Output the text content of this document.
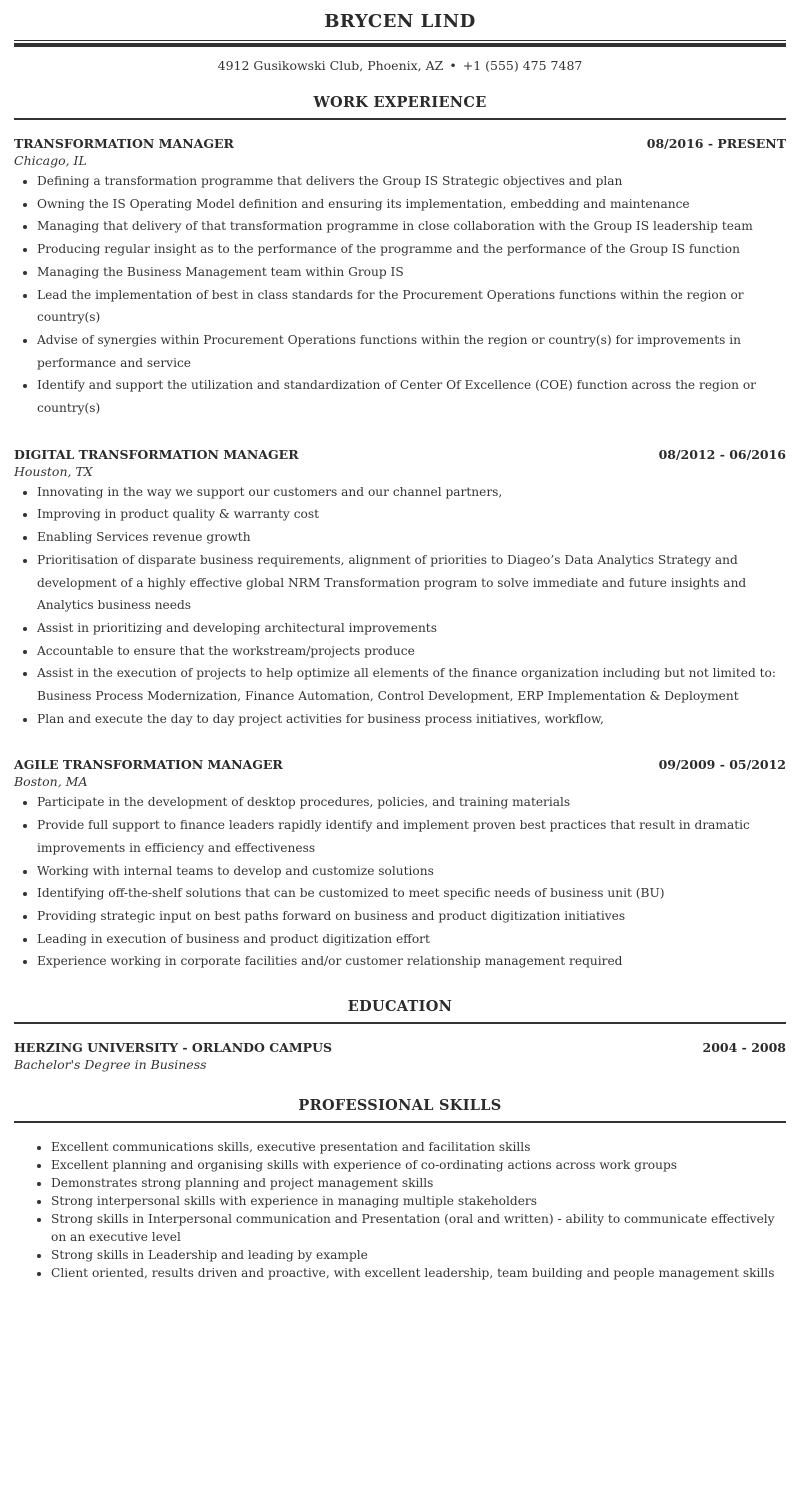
BRYCEN LIND
4912 Gusikowski Club, Phoenix, AZ • +1 (555) 475 7487
WORK EXPERIENCE
TRANSFORMATION MANAGER	08/2016 - PRESENT
Chicago, IL
• Defining a transformation programme that delivers the Group IS Strategic objectives and plan
• Owning the IS Operating Model definition and ensuring its implementation, embedding and maintenance
• Managing that delivery of that transformation programme in close collaboration with the Group IS leadership team
• Producing regular insight as to the performance of the programme and the performance of the Group IS function
• Managing the Business Management team within Group IS
• Lead the implementation of best in class standards for the Procurement Operations functions within the region or country(s)
• Advise of synergies within Procurement Operations functions within the region or country(s) for improvements in performance and service
• Identify and support the utilization and standardization of Center Of Excellence (COE) function across the region or country(s)
DIGITAL TRANSFORMATION MANAGER	08/2012 - 06/2016
Houston, TX
• Innovating in the way we support our customers and our channel partners,
• Improving in product quality & warranty cost
• Enabling Services revenue growth
• Prioritisation of disparate business requirements, alignment of priorities to Diageo’s Data Analytics Strategy and development of a highly effective global NRM Transformation program to solve immediate and future insights and Analytics business needs
• Assist in prioritizing and developing architectural improvements
• Accountable to ensure that the workstream/projects produce
• Assist in the execution of projects to help optimize all elements of the finance organization including but not limited to: Business Process Modernization, Finance Automation, Control Development, ERP Implementation & Deployment
• Plan and execute the day to day project activities for business process initiatives, workflow,
AGILE TRANSFORMATION MANAGER	09/2009 - 05/2012
Boston, MA
• Participate in the development of desktop procedures, policies, and training materials
• Provide full support to finance leaders rapidly identify and implement proven best practices that result in dramatic improvements in efficiency and effectiveness
• Working with internal teams to develop and customize solutions
• Identifying off-the-shelf solutions that can be customized to meet specific needs of business unit (BU)
• Providing strategic input on best paths forward on business and product digitization initiatives
• Leading in execution of business and product digitization effort
• Experience working in corporate facilities and/or customer relationship management required
EDUCATION
HERZING UNIVERSITY - ORLANDO CAMPUS	2004 - 2008
Bachelor's Degree in Business
PROFESSIONAL SKILLS
• Excellent communications skills, executive presentation and facilitation skills
• Excellent planning and organising skills with experience of co-ordinating actions across work groups
• Demonstrates strong planning and project management skills
• Strong interpersonal skills with experience in managing multiple stakeholders
• Strong skills in Interpersonal communication and Presentation (oral and written) - ability to communicate effectively on an executive level
• Strong skills in Leadership and leading by example
• Client oriented, results driven and proactive, with excellent leadership, team building and people management skills
